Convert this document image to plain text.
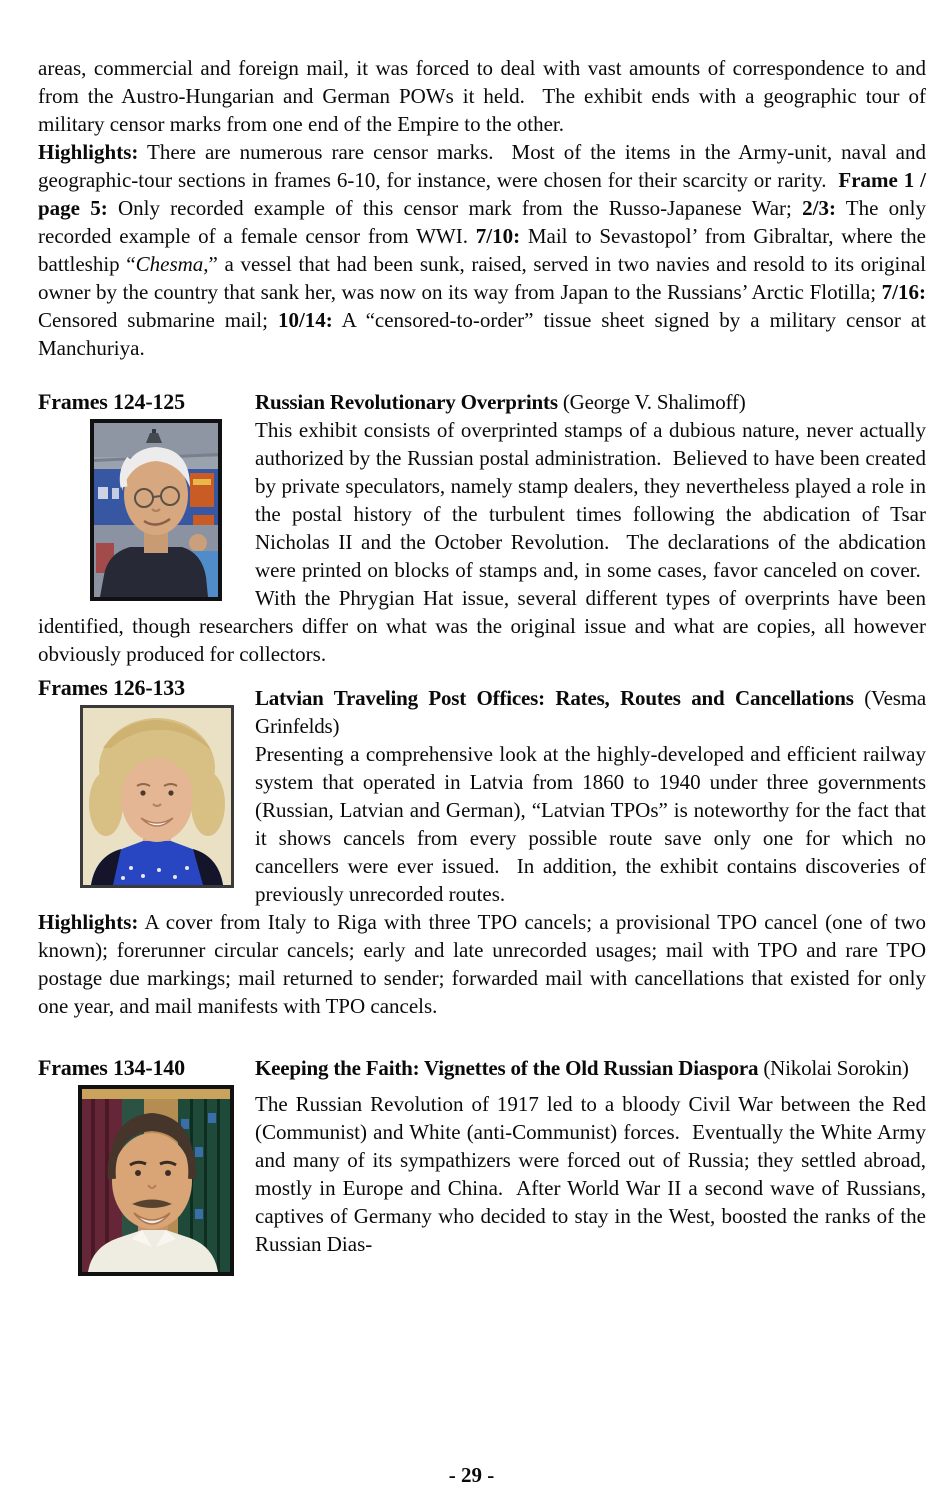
areas, commercial and foreign mail, it was forced to deal with vast amounts of correspondence to and from the Austro-Hungarian and German POWs it held.  The exhibit ends with a geographic tour of military censor marks from one end of the Empire to the other.

Highlights: There are numerous rare censor marks.  Most of the items in the Army-unit, naval and geographic-tour sections in frames 6-10, for instance, were chosen for their scarcity or rarity.  Frame 1 / page 5: Only recorded example of this censor mark from the Russo-Japanese War; 2/3: The only recorded example of a female censor from WWI. 7/10: Mail to Sevastopol’ from Gibraltar, where the battleship “Chesma,” a vessel that had been sunk, raised, served in two navies and resold to its original owner by the country that sank her, was now on its way from Japan to the Russians’ Arctic Flotilla; 7/16: Censored submarine mail; 10/14: A “censored-to-order” tissue sheet signed by a military censor at Manchuriya.

Frames 124-125	Russian Revolutionary Overprints (George V. Shalimoff)

This exhibit consists of overprinted stamps of a dubious nature, never actually authorized by the Russian postal administration.  Believed to have been created by private speculators, namely stamp dealers, they nevertheless played a role in the postal history of the turbulent times following the abdication of Tsar Nicholas II and the October Revolution.  The declarations of the abdication were printed on blocks of stamps and, in some cases, favor canceled on cover.  With the Phrygian Hat issue, several different types of overprints have been identified, though researchers differ on what was the original issue and what are copies, all however obviously produced for collectors.

Frames 126-133	Latvian Traveling Post Offices: Rates, Routes and Cancellations (Vesma Grinfelds)

Presenting a comprehensive look at the highly-developed and efficient railway system that operated in Latvia from 1860 to 1940 under three governments (Russian, Latvian and German), “Latvian TPOs” is noteworthy for the fact that it shows cancels from every possible route save only one for which no cancellers were ever issued.  In addition, the exhibit contains discoveries of previously unrecorded routes.

Highlights: A cover from Italy to Riga with three TPO cancels; a provisional TPO cancel (one of two known); forerunner circular cancels; early and late unrecorded usages; mail with TPO and rare TPO postage due markings; mail returned to sender; forwarded mail with cancellations that existed for only one year, and mail manifests with TPO cancels.

Frames 134-140	Keeping the Faith: Vignettes of the Old Russian Diaspora (Nikolai Sorokin)

The Russian Revolution of 1917 led to a bloody Civil War between the Red (Communist) and White (anti-Communist) forces.  Eventually the White Army and many of its sympathizers were forced out of Russia; they settled abroad, mostly in Europe and China.  After World War II a second wave of Russians, captives of Germany who decided to stay in the West, boosted the ranks of the Russian Dias-

- 29 -
